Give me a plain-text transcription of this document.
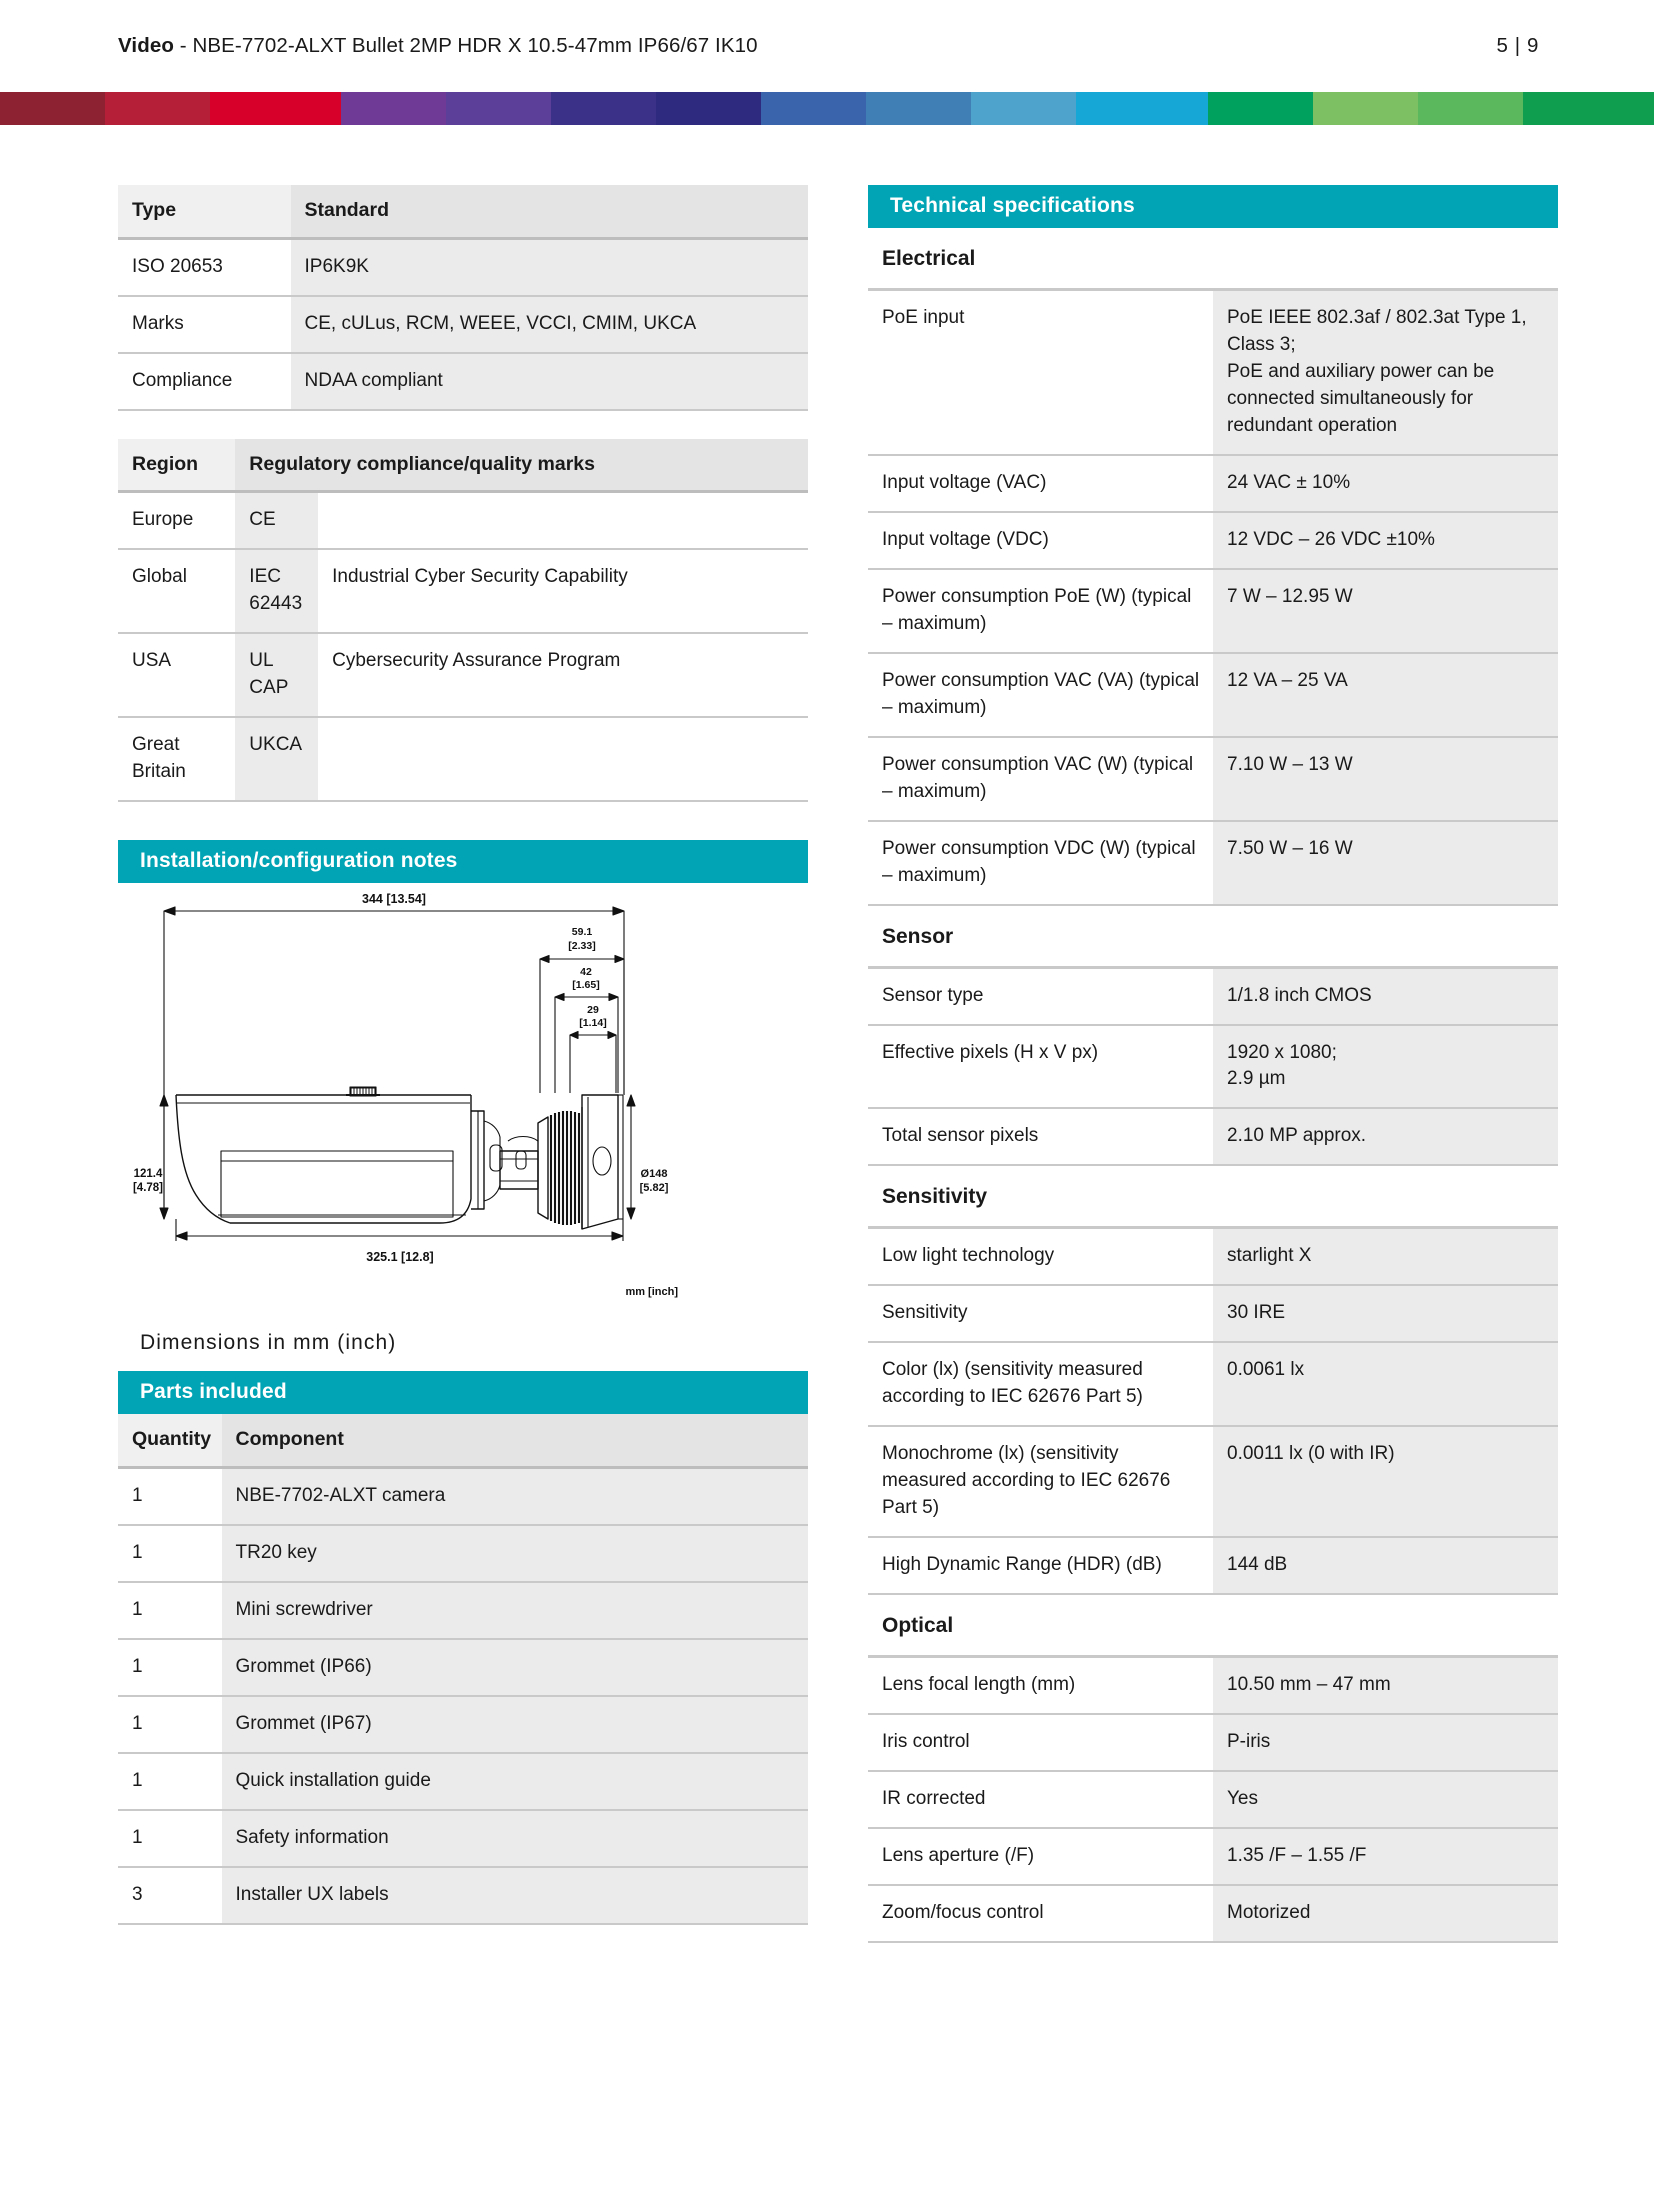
Video - NBE-7702-ALXT Bullet 2MP HDR X 10.5-47mm IP66/67 IK10	5 | 9
Type	Standard
ISO 20653	IP6K9K
Marks	CE, cULus, RCM, WEEE, VCCI, CMIM, UKCA
Compliance	NDAA compliant
Region	Regulatory compliance/quality marks	
Europe	CE	
Global	IEC 62443	Industrial Cyber Security Capability
USA	UL CAP	Cybersecurity Assurance Program
Great Britain	UKCA	
Installation/configuration notes
344 [13.54]
59.1
[2.33]
42
[1.65]
29
[1.14]
121.4
[4.78]
Ø148
[5.82]
325.1 [12.8]
mm [inch]
Dimensions in mm (inch)
Parts included
Quantity	Component
1	NBE-7702-ALXT camera
1	TR20 key
1	Mini screwdriver
1	Grommet (IP66)
1	Grommet (IP67)
1	Quick installation guide
1	Safety information
3	Installer UX labels
Technical specifications
Electrical
PoE input	PoE IEEE 802.3af / 802.3at Type 1, Class 3;
PoE and auxiliary power can be connected simultaneously for redundant operation
Input voltage (VAC)	24 VAC ± 10%
Input voltage (VDC)	12 VDC – 26 VDC ±10%
Power consumption PoE (W) (typical – maximum)	7 W – 12.95 W
Power consumption VAC (VA) (typical – maximum)	12 VA – 25 VA
Power consumption VAC (W) (typical – maximum)	7.10 W – 13 W
Power consumption VDC (W) (typical – maximum)	7.50 W – 16 W
Sensor
Sensor type	1/1.8 inch CMOS
Effective pixels (H x V px)	1920 x 1080;
2.9 µm
Total sensor pixels	2.10 MP approx.
Sensitivity
Low light technology	starlight X
Sensitivity	30 IRE
Color (lx) (sensitivity measured according to IEC 62676 Part 5)	0.0061 lx
Monochrome (lx) (sensitivity measured according to IEC 62676 Part 5)	0.0011 lx (0 with IR)
High Dynamic Range (HDR) (dB)	144 dB
Optical
Lens focal length (mm)	10.50 mm – 47 mm
Iris control	P-iris
IR corrected	Yes
Lens aperture (/F)	1.35 /F – 1.55 /F
Zoom/focus control	Motorized
